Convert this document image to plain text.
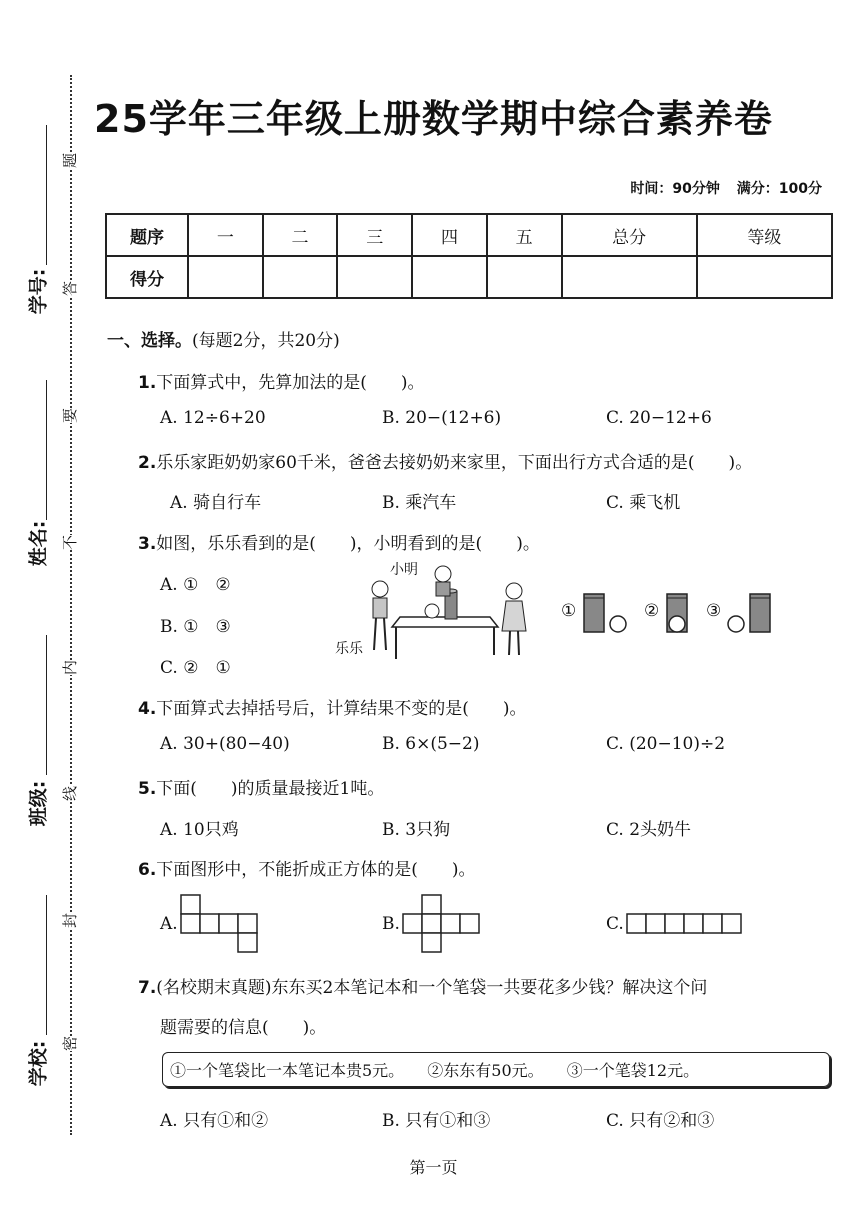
25学年三年级上册数学期中综合素养卷
时间：90分钟 满分：100分
题序	一	二	三	四	五	总分	等级
得分							
学号:
姓名:
班级:
学校:
题
答
要
不
内
线
封
密
一、选择。(每题2分，共20分)
1.下面算式中，先算加法的是(　　)。
A. 12÷6+20	B. 20−(12+6)	C. 20−12+6
2.乐乐家距奶奶家60千米，爸爸去接奶奶来家里，下面出行方式合适的是(　　)。
A. 骑自行车	B. 乘汽车	C. 乘飞机
3.如图，乐乐看到的是(　　)，小明看到的是(　　)。
A. ①　②
B. ①　③
C. ②　①
小明
乐乐
①	②	③
4.下面算式去掉括号后，计算结果不变的是(　　)。
A. 30+(80−40)	B. 6×(5−2)	C. (20−10)÷2
5.下面(　　)的质量最接近1吨。
A. 10只鸡	B. 3只狗	C. 2头奶牛
6.下面图形中，不能折成正方体的是(　　)。
A.	B.	C.
7.(名校期末真题)东东买2本笔记本和一个笔袋一共要花多少钱？解决这个问
题需要的信息(　　)。
①一个笔袋比一本笔记本贵5元。 ②东东有50元。 ③一个笔袋12元。
A. 只有①和②	B. 只有①和③	C. 只有②和③
第一页
